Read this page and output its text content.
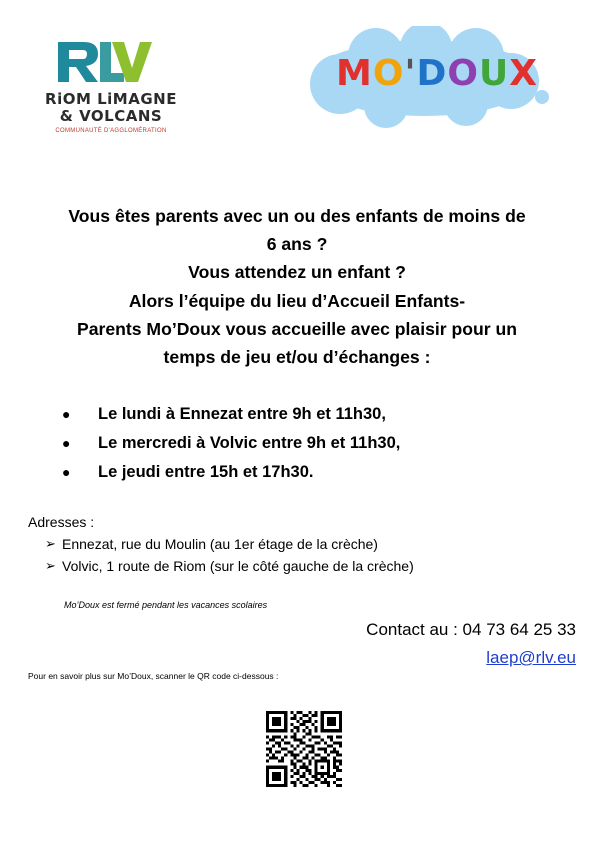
RiOM LiMAGNE
& VOLCANS
COMMUNAUTÉ D'AGGLOMÉRATION
MO'DOUX
Vous êtes parents avec un ou des enfants de moins de
6 ans ?
Vous attendez un enfant ?
Alors l’équipe du lieu d’Accueil Enfants-
Parents Mo’Doux vous accueille avec plaisir pour un
temps de jeu et/ou d’échanges :
● Le lundi à Ennezat entre 9h et 11h30,
● Le mercredi à Volvic entre 9h et 11h30,
● Le jeudi entre 15h et 17h30.
Adresses :
➢ Ennezat, rue du Moulin (au 1er étage de la crèche)
➢ Volvic, 1 route de Riom (sur le côté gauche de la crèche)
Mo’Doux est fermé pendant les vacances scolaires
Contact au : 04 73 64 25 33
laep@rlv.eu
Pour en savoir plus sur Mo’Doux, scanner le QR code ci-dessous :
